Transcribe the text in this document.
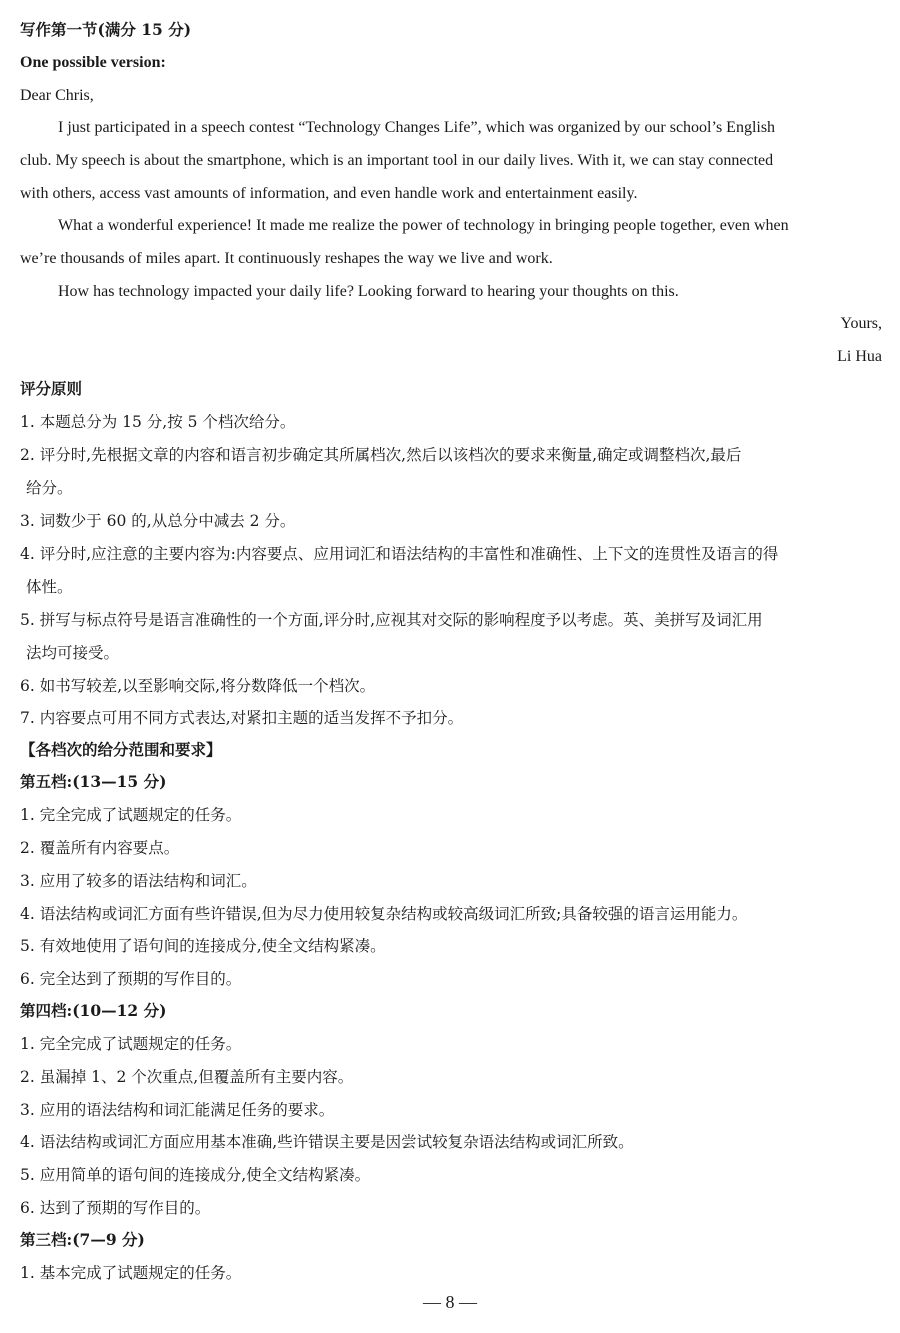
写作第一节(满分 15 分)
One possible version:
Dear Chris,
I just participated in a speech contest “Technology Changes Life”, which was organized by our school’s English
club. My speech is about the smartphone, which is an important tool in our daily lives. With it, we can stay connected
with others, access vast amounts of information, and even handle work and entertainment easily.
What a wonderful experience! It made me realize the power of technology in bringing people together, even when
we’re thousands of miles apart. It continuously reshapes the way we live and work.
How has technology impacted your daily life? Looking forward to hearing your thoughts on this.
Yours,
Li Hua
评分原则
1. 本题总分为 15 分,按 5 个档次给分。
2. 评分时,先根据文章的内容和语言初步确定其所属档次,然后以该档次的要求来衡量,确定或调整档次,最后
给分。
3. 词数少于 60 的,从总分中减去 2 分。
4. 评分时,应注意的主要内容为:内容要点、应用词汇和语法结构的丰富性和准确性、上下文的连贯性及语言的得
体性。
5. 拼写与标点符号是语言准确性的一个方面,评分时,应视其对交际的影响程度予以考虑。英、美拼写及词汇用
法均可接受。
6. 如书写较差,以至影响交际,将分数降低一个档次。
7. 内容要点可用不同方式表达,对紧扣主题的适当发挥不予扣分。
【各档次的给分范围和要求】
第五档:(13—15 分)
1. 完全完成了试题规定的任务。
2. 覆盖所有内容要点。
3. 应用了较多的语法结构和词汇。
4. 语法结构或词汇方面有些许错误,但为尽力使用较复杂结构或较高级词汇所致;具备较强的语言运用能力。
5. 有效地使用了语句间的连接成分,使全文结构紧凑。
6. 完全达到了预期的写作目的。
第四档:(10—12 分)
1. 完全完成了试题规定的任务。
2. 虽漏掉 1、2 个次重点,但覆盖所有主要内容。
3. 应用的语法结构和词汇能满足任务的要求。
4. 语法结构或词汇方面应用基本准确,些许错误主要是因尝试较复杂语法结构或词汇所致。
5. 应用简单的语句间的连接成分,使全文结构紧凑。
6. 达到了预期的写作目的。
第三档:(7—9 分)
1. 基本完成了试题规定的任务。
— 8 —
